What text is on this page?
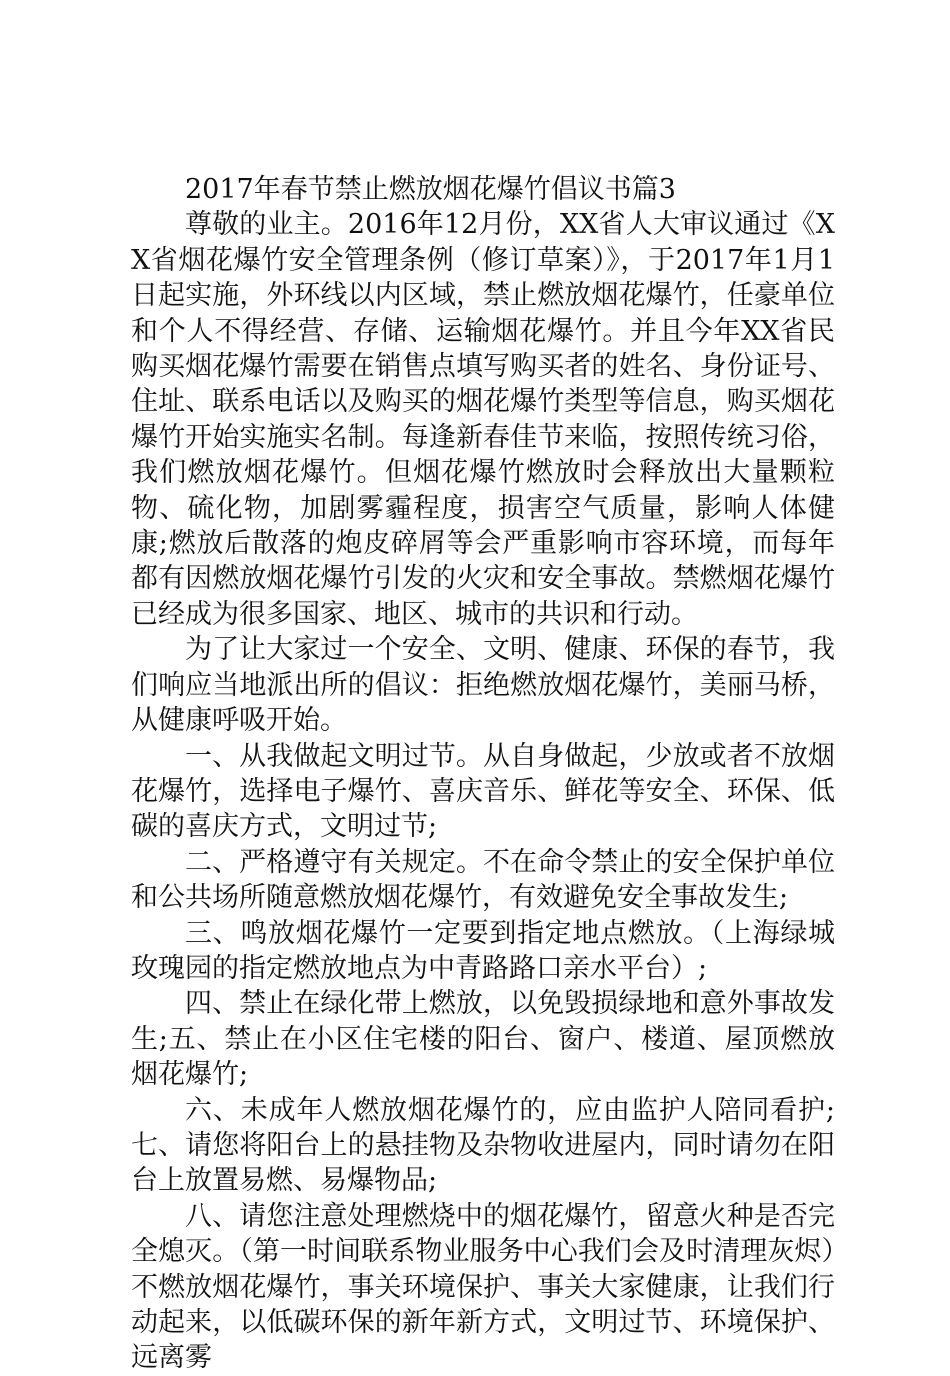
2017年春节禁止燃放烟花爆竹倡议书篇3

尊敬的业主。2016年12月份，XX省人大审议通过《XX省烟花爆竹安全管理条例（修订草案）》，于2017年1月1日起实施，外环线以内区域，禁止燃放烟花爆竹，任豪单位和个人不得经营、存储、运输烟花爆竹。并且今年XX省民购买烟花爆竹需要在销售点填写购买者的姓名、身份证号、住址、联系电话以及购买的烟花爆竹类型等信息，购买烟花爆竹开始实施实名制。每逢新春佳节来临，按照传统习俗，我们燃放烟花爆竹。但烟花爆竹燃放时会释放出大量颗粒物、硫化物，加剧雾霾程度，损害空气质量，影响人体健康;燃放后散落的炮皮碎屑等会严重影响市容环境，而每年都有因燃放烟花爆竹引发的火灾和安全事故。禁燃烟花爆竹已经成为很多国家、地区、城市的共识和行动。

为了让大家过一个安全、文明、健康、环保的春节，我们响应当地派出所的倡议：拒绝燃放烟花爆竹，美丽马桥，从健康呼吸开始。

一、从我做起文明过节。从自身做起，少放或者不放烟花爆竹，选择电子爆竹、喜庆音乐、鲜花等安全、环保、低碳的喜庆方式，文明过节;

二、严格遵守有关规定。不在命令禁止的安全保护单位和公共场所随意燃放烟花爆竹，有效避免安全事故发生;

三、鸣放烟花爆竹一定要到指定地点燃放。（上海绿城玫瑰园的指定燃放地点为中青路路口亲水平台）;

四、禁止在绿化带上燃放，以免毁损绿地和意外事故发生;五、禁止在小区住宅楼的阳台、窗户、楼道、屋顶燃放烟花爆竹;

六、未成年人燃放烟花爆竹的，应由监护人陪同看护;七、请您将阳台上的悬挂物及杂物收进屋内，同时请勿在阳台上放置易燃、易爆物品;

八、请您注意处理燃烧中的烟花爆竹，留意火种是否完全熄灭。（第一时间联系物业服务中心我们会及时清理灰烬）不燃放烟花爆竹，事关环境保护、事关大家健康，让我们行动起来，以低碳环保的新年新方式，文明过节、环境保护、远离雾
